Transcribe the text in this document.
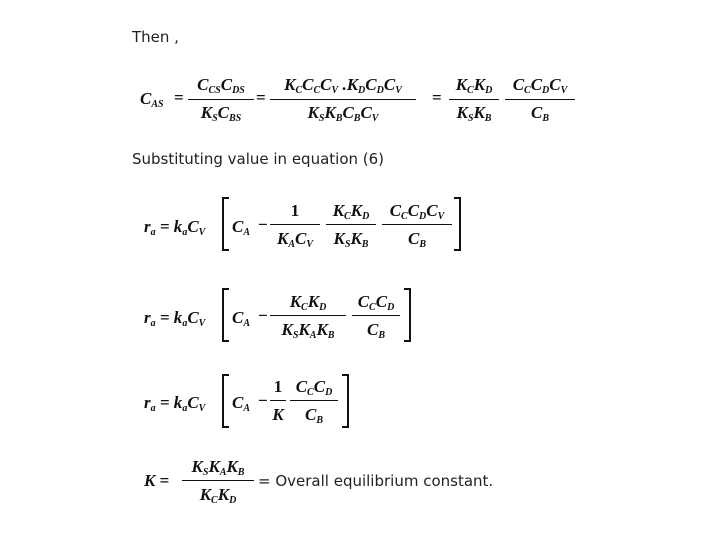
Then ,
$C_{AS}$ =
$C_{CS}C_{DS}$
$K_SC_{BS}$
=
$K_CC_CC_V$ $.K_DC_DC_V$
$K_SK_BC_BC_V$
=
$K_CK_D$
$K_SK_B$
$C_CC_DC_V$
$C_B$
Substituting value in equation (6)
$r_a = k_aC_V$ $C_A$ −
1
$K_AC_V$
$K_CK_D$
$K_SK_B$
$C_CC_DC_V$
$C_B$
$r_a = k_aC_V$ $C_A$ −
$K_CK_D$
$K_SK_AK_B$
$C_CC_D$
$C_B$
$r_a = k_aC_V$ $C_A$ −
1
K
$C_CC_D$
$C_B$
K =
$K_SK_AK_B$
$K_CK_D$
= Overall equilibrium constant.
